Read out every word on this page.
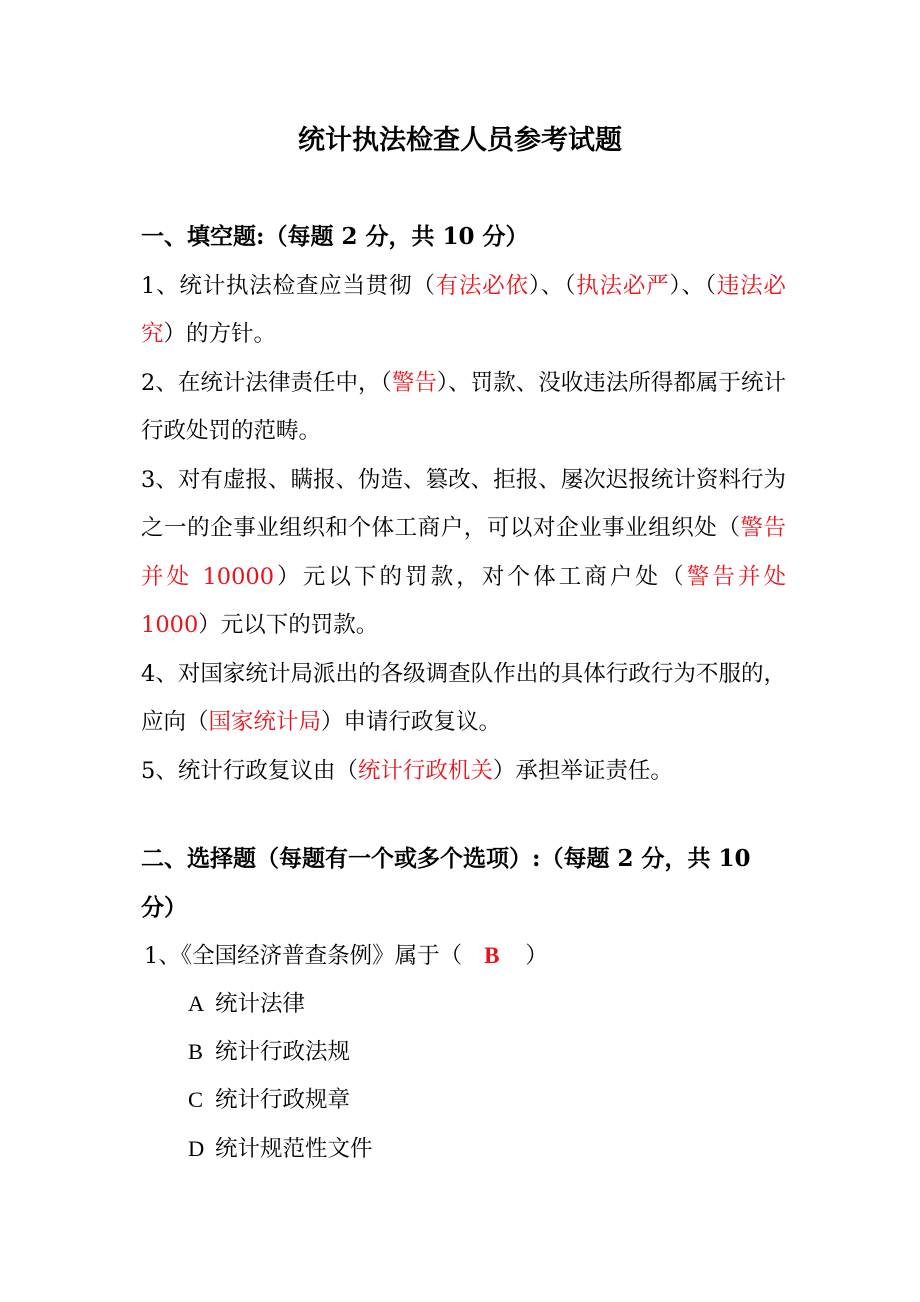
统计执法检查人员参考试题
一、填空题:（每题 2 分，共 10 分）

1、统计执法检查应当贯彻（有法必依）、（执法必严）、（违法必究）的方针。

2、在统计法律责任中，（警告）、罚款、没收违法所得都属于统计行政处罚的范畴。

3、对有虚报、瞒报、伪造、篡改、拒报、屡次迟报统计资料行为之一的企事业组织和个体工商户，可以对企业事业组织处（警告并处 10000）元以下的罚款，对个体工商户处（警告并处 1000）元以下的罚款。

4、对国家统计局派出的各级调查队作出的具体行政行为不服的，应向（国家统计局）申请行政复议。

5、统计行政复议由（统计行政机关）承担举证责任。

二、选择题（每题有一个或多个选项）:（每题 2 分，共 10 分）
1、《全国经济普查条例》属于（ B ）
A 统计法律
B 统计行政法规
C 统计行政规章
D 统计规范性文件
